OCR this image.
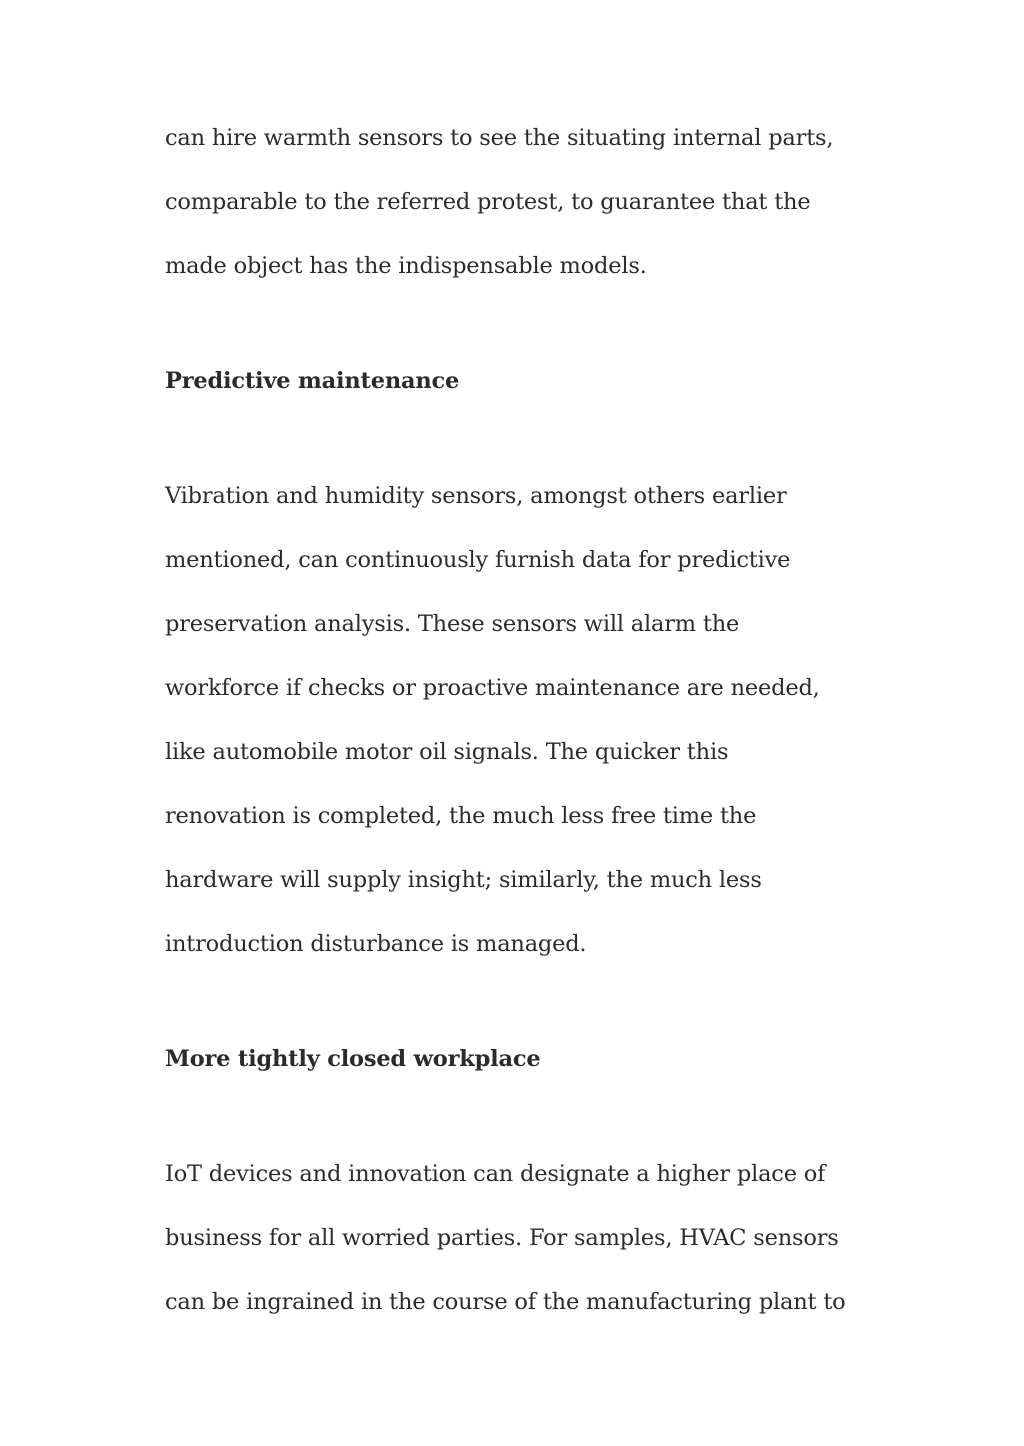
can hire warmth sensors to see the situating internal parts,
comparable to the referred protest, to guarantee that the
made object has the indispensable models.

Predictive maintenance

Vibration and humidity sensors, amongst others earlier
mentioned, can continuously furnish data for predictive
preservation analysis. These sensors will alarm the
workforce if checks or proactive maintenance are needed,
like automobile motor oil signals. The quicker this
renovation is completed, the much less free time the
hardware will supply insight; similarly, the much less
introduction disturbance is managed.

More tightly closed workplace

IoT devices and innovation can designate a higher place of
business for all worried parties. For samples, HVAC sensors
can be ingrained in the course of the manufacturing plant to
